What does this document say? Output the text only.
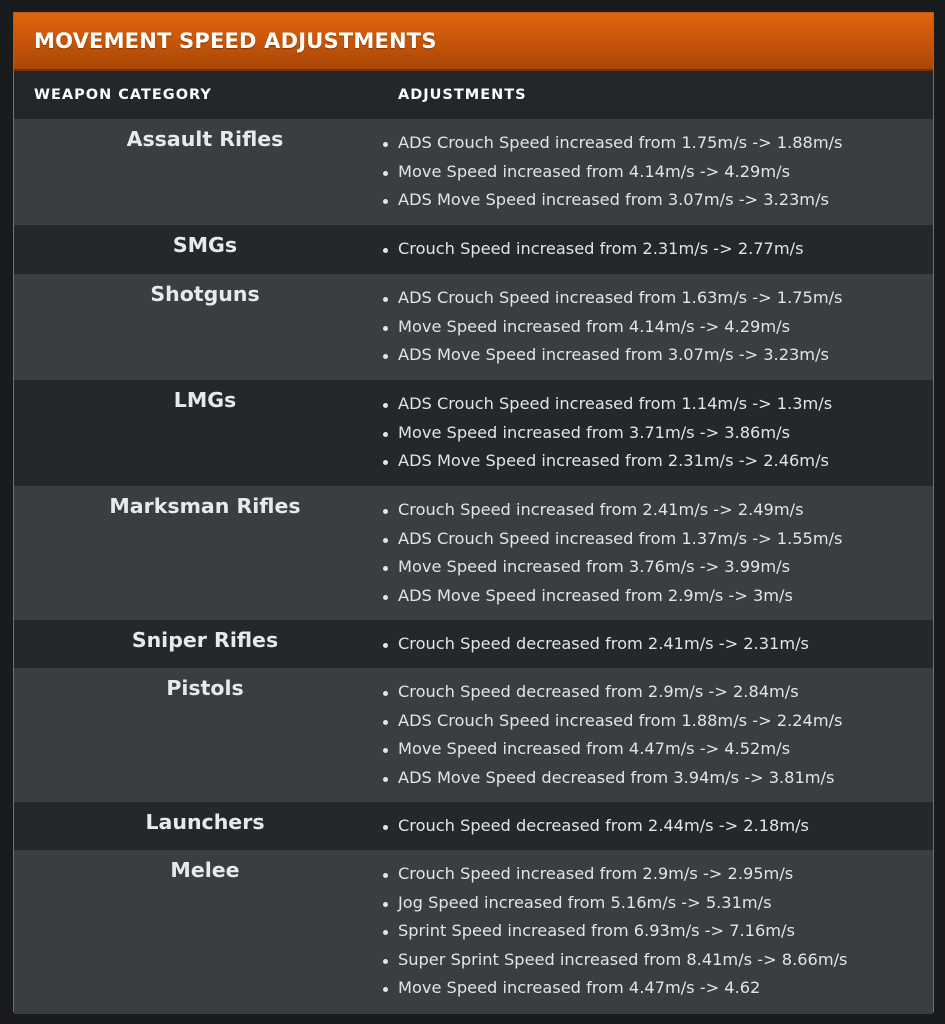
MOVEMENT SPEED ADJUSTMENTS
WEAPON CATEGORY	ADJUSTMENTS
Assault Rifles	ADS Crouch Speed increased from 1.75m/s -> 1.88m/s
Move Speed increased from 4.14m/s -> 4.29m/s
ADS Move Speed increased from 3.07m/s -> 3.23m/s
SMGs	Crouch Speed increased from 2.31m/s -> 2.77m/s
Shotguns	ADS Crouch Speed increased from 1.63m/s -> 1.75m/s
Move Speed increased from 4.14m/s -> 4.29m/s
ADS Move Speed increased from 3.07m/s -> 3.23m/s
LMGs	ADS Crouch Speed increased from 1.14m/s -> 1.3m/s
Move Speed increased from 3.71m/s -> 3.86m/s
ADS Move Speed increased from 2.31m/s -> 2.46m/s
Marksman Rifles	Crouch Speed increased from 2.41m/s -> 2.49m/s
ADS Crouch Speed increased from 1.37m/s -> 1.55m/s
Move Speed increased from 3.76m/s -> 3.99m/s
ADS Move Speed increased from 2.9m/s -> 3m/s
Sniper Rifles	Crouch Speed decreased from 2.41m/s -> 2.31m/s
Pistols	Crouch Speed decreased from 2.9m/s -> 2.84m/s
ADS Crouch Speed increased from 1.88m/s -> 2.24m/s
Move Speed increased from 4.47m/s -> 4.52m/s
ADS Move Speed decreased from 3.94m/s -> 3.81m/s
Launchers	Crouch Speed decreased from 2.44m/s -> 2.18m/s
Melee	Crouch Speed increased from 2.9m/s -> 2.95m/s
Jog Speed increased from 5.16m/s -> 5.31m/s
Sprint Speed increased from 6.93m/s -> 7.16m/s
Super Sprint Speed increased from 8.41m/s -> 8.66m/s
Move Speed increased from 4.47m/s -> 4.62
